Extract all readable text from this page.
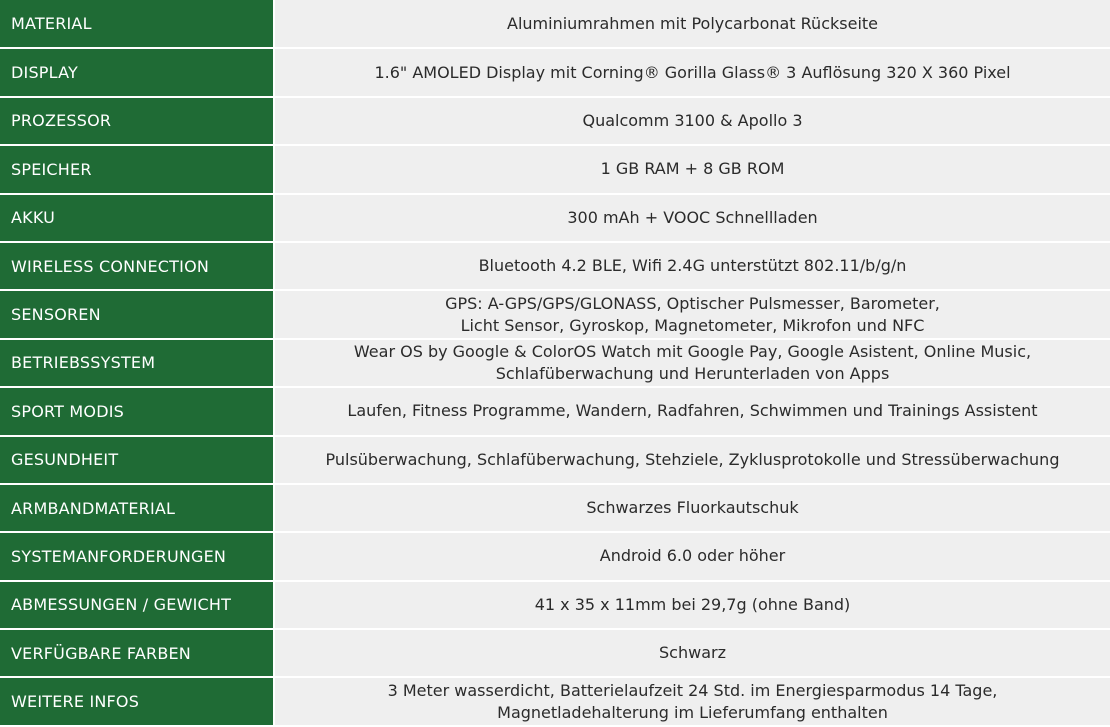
MATERIAL	Aluminiumrahmen mit Polycarbonat Rückseite

DISPLAY	1.6" AMOLED Display mit Corning® Gorilla Glass® 3 Auflösung 320 X 360 Pixel

PROZESSOR	Qualcomm 3100 & Apollo 3

SPEICHER	1 GB RAM + 8 GB ROM

AKKU	300 mAh + VOOC Schnellladen

WIRELESS CONNECTION	Bluetooth 4.2 BLE, Wifi 2.4G unterstützt 802.11/b/g/n

SENSOREN	GPS: A-GPS/GPS/GLONASS, Optischer Pulsmesser, Barometer,
Licht Sensor, Gyroskop, Magnetometer, Mikrofon und NFC

BETRIEBSSYSTEM	Wear OS by Google & ColorOS Watch mit Google Pay, Google Asistent, Online Music,
Schlafüberwachung und Herunterladen von Apps

SPORT MODIS	Laufen, Fitness Programme, Wandern, Radfahren, Schwimmen und Trainings Assistent

GESUNDHEIT	Pulsüberwachung, Schlafüberwachung, Stehziele, Zyklusprotokolle und Stressüberwachung

ARMBANDMATERIAL	Schwarzes Fluorkautschuk

SYSTEMANFORDERUNGEN	Android 6.0 oder höher

ABMESSUNGEN / GEWICHT	41 x 35 x 11mm bei 29,7g (ohne Band)

VERFÜGBARE FARBEN	Schwarz

WEITERE INFOS	3 Meter wasserdicht, Batterielaufzeit 24 Std. im Energiesparmodus 14 Tage,
Magnetladehalterung im Lieferumfang enthalten
